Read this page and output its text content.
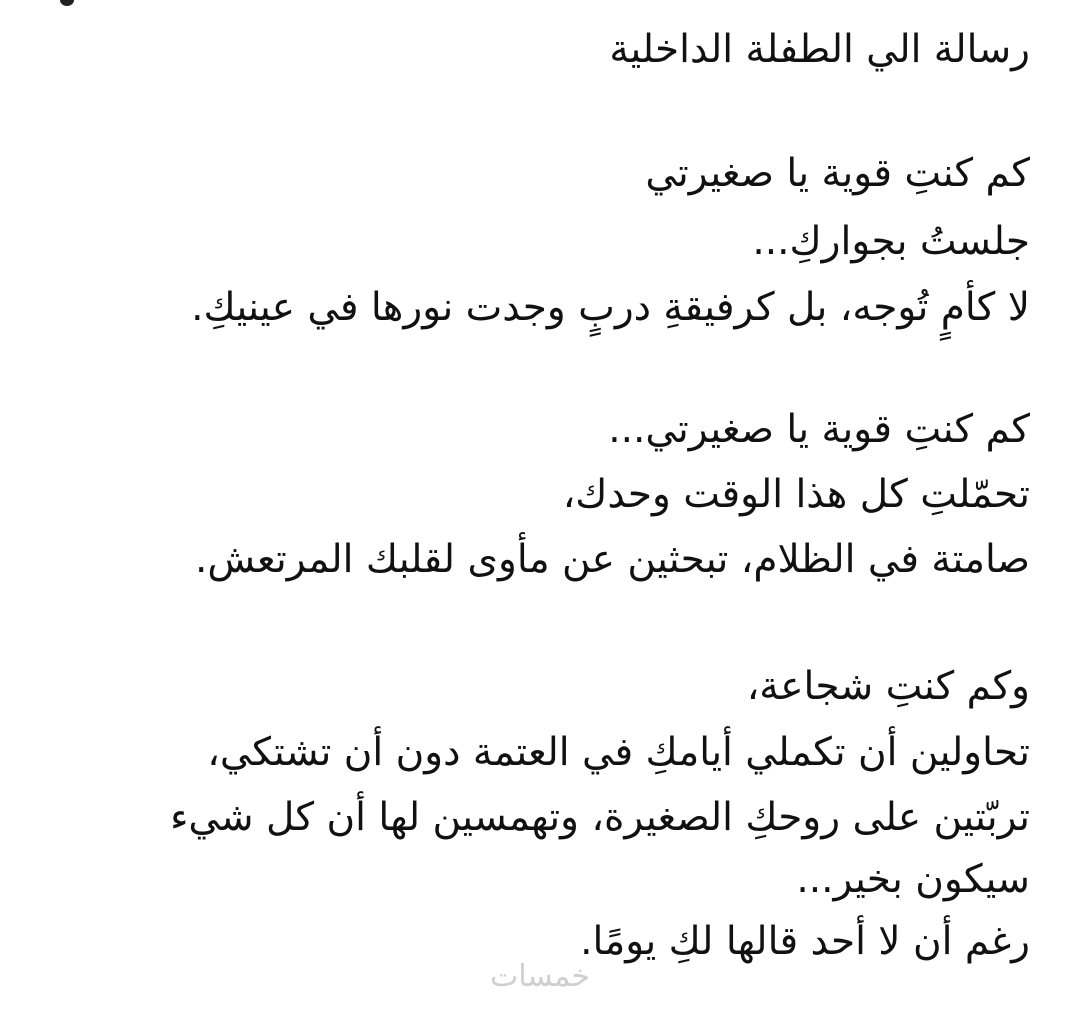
رسالة الي الطفلة الداخلية
كم كنتِ قوية يا صغيرتي
جلستُ بجواركِ...
لا كأمٍ تُوجه، بل كرفيقةِ دربٍ وجدت نورها في عينيكِ.
كم كنتِ قوية يا صغيرتي...
تحمّلتِ كل هذا الوقت وحدك،
صامتة في الظلام، تبحثين عن مأوى لقلبك المرتعش.
وكم كنتِ شجاعة،
تحاولين أن تكملي أيامكِ في العتمة دون أن تشتكي،
تربّتين على روحكِ الصغيرة، وتهمسين لها أن كل شيء
سيكون بخير...
رغم أن لا أحد قالها لكِ يومًا.
خمسات
